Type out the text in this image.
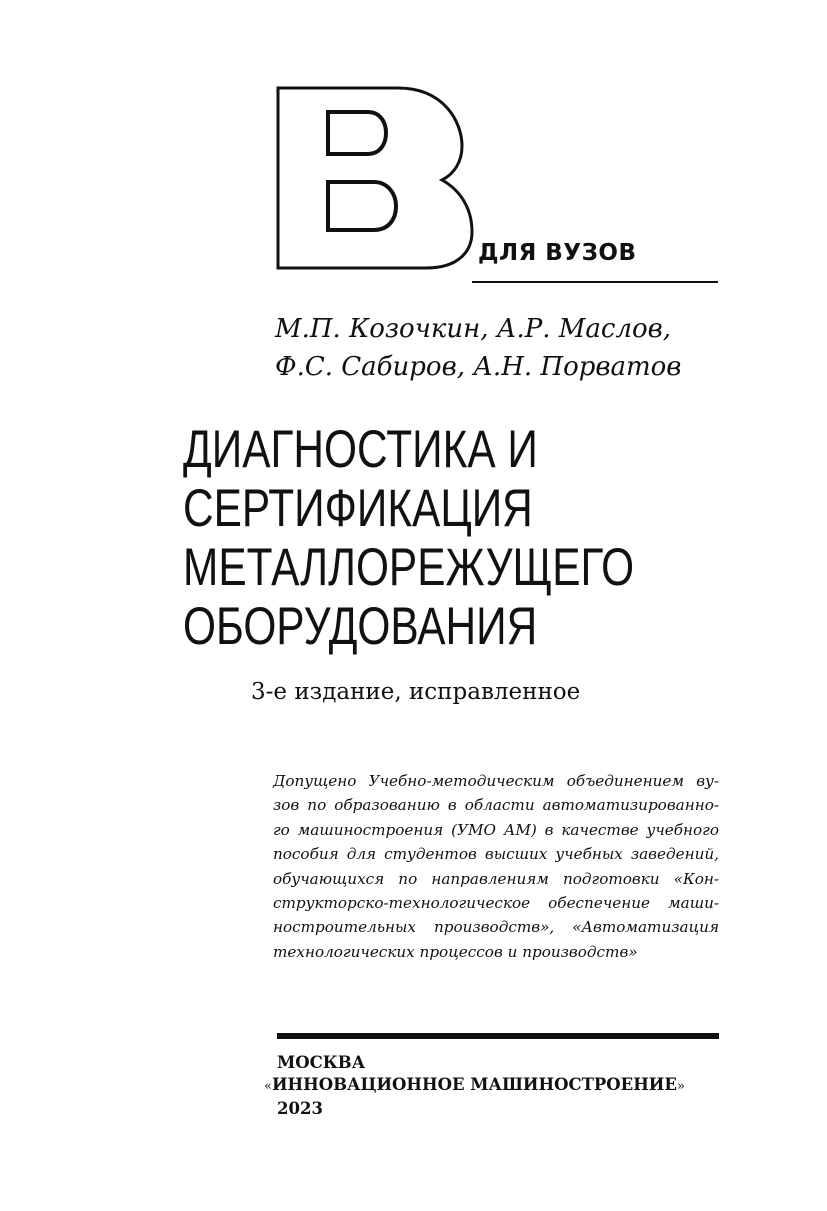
ДЛЯ ВУЗОВ
М.П. Козочкин, А.Р. Маслов,
Ф.С. Сабиров, А.Н. Порватов
ДИАГНОСТИКА И
СЕРТИФИКАЦИЯ
МЕТАЛЛОРЕЖУЩЕГО
ОБОРУДОВАНИЯ
3-е издание, исправленное
Допущено Учебно-методическим объединением ву-
зов по образованию в области автоматизированно-
го машиностроения (УМО АМ) в качестве учебного
пособия для студентов высших учебных заведений,
обучающихся по направлениям подготовки «Кон-
структорско-технологическое обеспечение маши-
ностроительных производств», «Автоматизация
технологических процессов и производств»
МОСКВА
«ИННОВАЦИОННОЕ МАШИНОСТРОЕНИЕ»
2023
